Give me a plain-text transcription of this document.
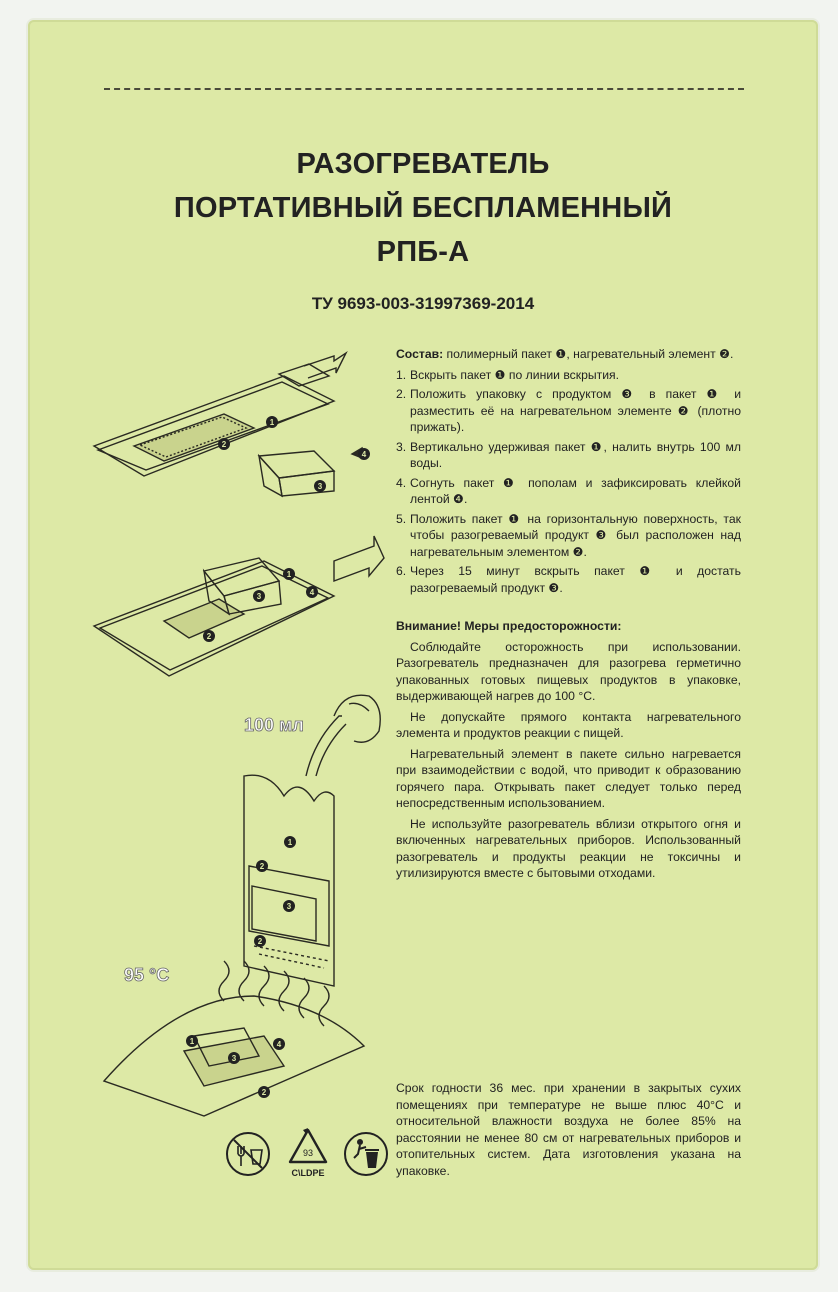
РАЗОГРЕВАТЕЛЬ
ПОРТАТИВНЫЙ БЕСПЛАМЕННЫЙ
РПБ-А
ТУ 9693-003-31997369-2014
1
2
3
4
1
3	4
2
1
2
3
2
1
3
2
4
100 мл
95 °С

Состав: полимерный пакет ❶, нагревательный элемент ❷.

1. Вскрыть пакет ❶ по линии вскрытия.
2. Положить упаковку с продуктом ❸ в пакет ❶ и разместить её на нагревательном элементе ❷ (плотно прижать).
3. Вертикально удерживая пакет ❶, налить внутрь 100 мл воды.
4. Согнуть пакет ❶ пополам и зафиксировать клейкой лентой ❹.
5. Положить пакет ❶ на горизонтальную поверхность, так чтобы разогреваемый продукт ❸ был расположен над нагревательным элементом ❷.
6. Через 15 минут вскрыть пакет ❶ и достать разогреваемый продукт ❸.

Внимание! Меры предосторожности:

Соблюдайте осторожность при использовании. Разогреватель предназначен для разогрева герметично упакованных готовых пищевых продуктов в упаковке, выдерживающей нагрев до 100 °С.

Не допускайте прямого контакта нагревательного элемента и продуктов реакции с пищей.

Нагревательный элемент в пакете сильно нагревается при взаимодействии с водой, что приводит к образованию горячего пара. Открывать пакет следует только перед непосредственным использованием.

Не используйте разогреватель вблизи открытого огня и включенных нагревательных приборов. Использованный разогреватель и продукты реакции не токсичны и утилизируются вместе с бытовыми отходами.

Срок годности 36 мес. при хранении в закрытых сухих помещениях при температуре не выше плюс 40°С и относительной влажности воздуха не более 85% на расстоянии не менее 80 см от нагревательных приборов и отопительных систем. Дата изготовления указана на упаковке.
93
C\LDPE
